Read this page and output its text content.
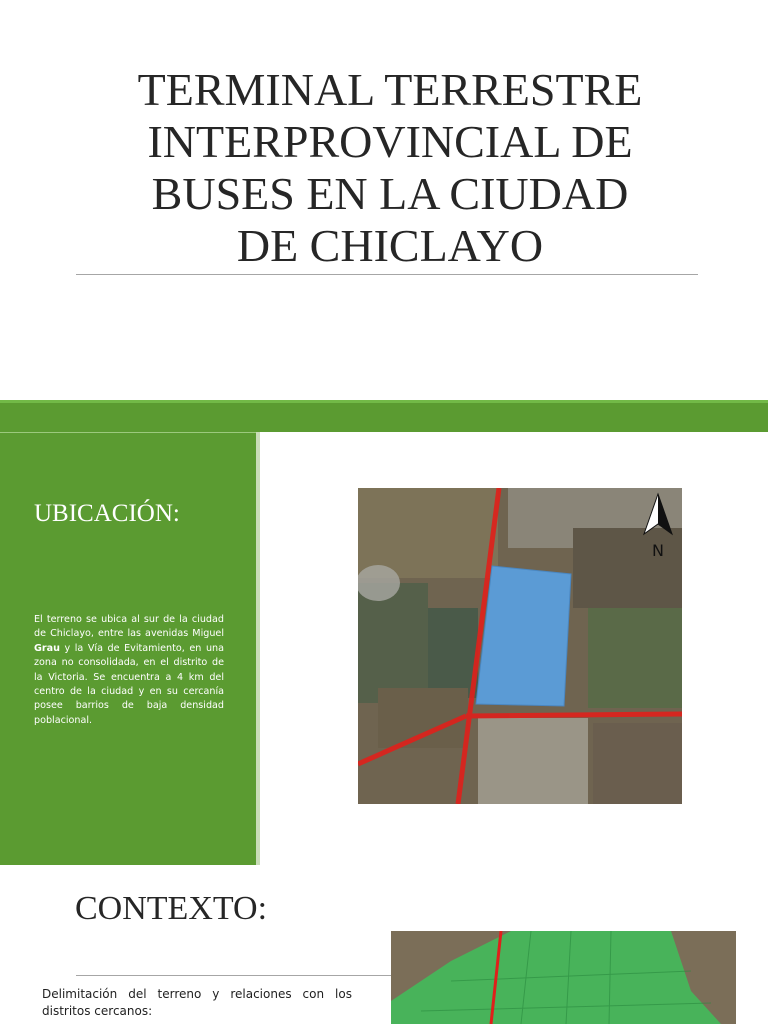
TERMINAL TERRESTRE
INTERPROVINCIAL DE
BUSES EN LA CIUDAD
DE CHICLAYO
UBICACIÓN:
El terreno se ubica al sur de la ciudad de Chiclayo, entre las avenidas Miguel Grau y la Vía de Evitamiento, en una zona no consolidada, en el distrito de la Victoria. Se encuentra a 4 km del centro de la ciudad y en su cercanía posee barrios de baja densidad poblacional.
N
CONTEXTO:
Delimitación del terreno y relaciones con los distritos cercanos:
